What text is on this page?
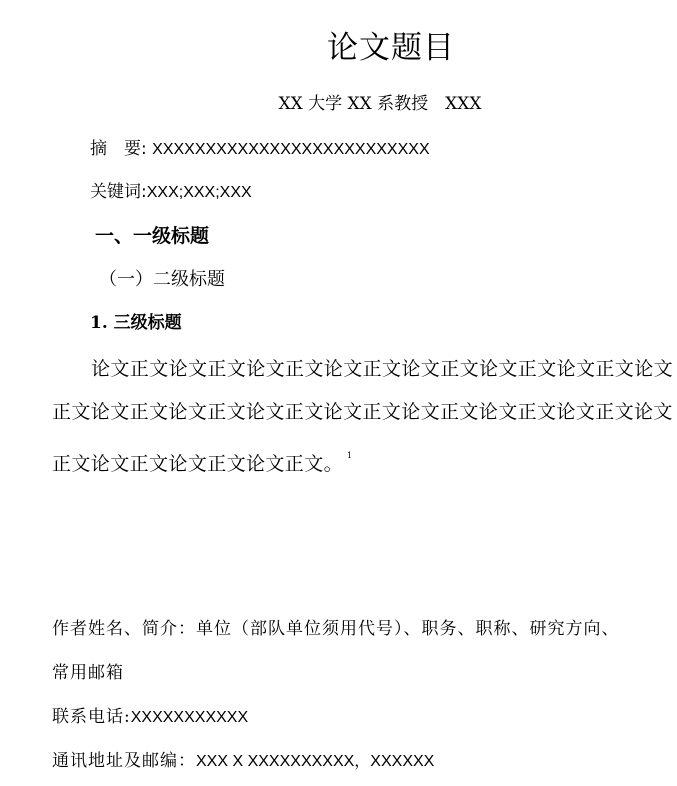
论文题目
XX 大学 XX 系教授　XXX
摘　要: XXXXXXXXXXXXXXXXXXXXXXXXXX
关键词:XXX;XXX;XXX
一、一级标题
（一）二级标题
1. 三级标题
论文正文论文正文论文正文论文正文论文正文论文正文论文正文论文正文论文正文论文正文论文正文论文正文论文正文论文正文论文正文论文正文论文正文论文正文论文正文。 $^1$
作者姓名、简介：单位（部队单位须用代号）、职务、职称、研究方向、
常用邮箱
联系电话:XXXXXXXXXXX
通讯地址及邮编：XXX X XXXXXXXXXX，XXXXXX
